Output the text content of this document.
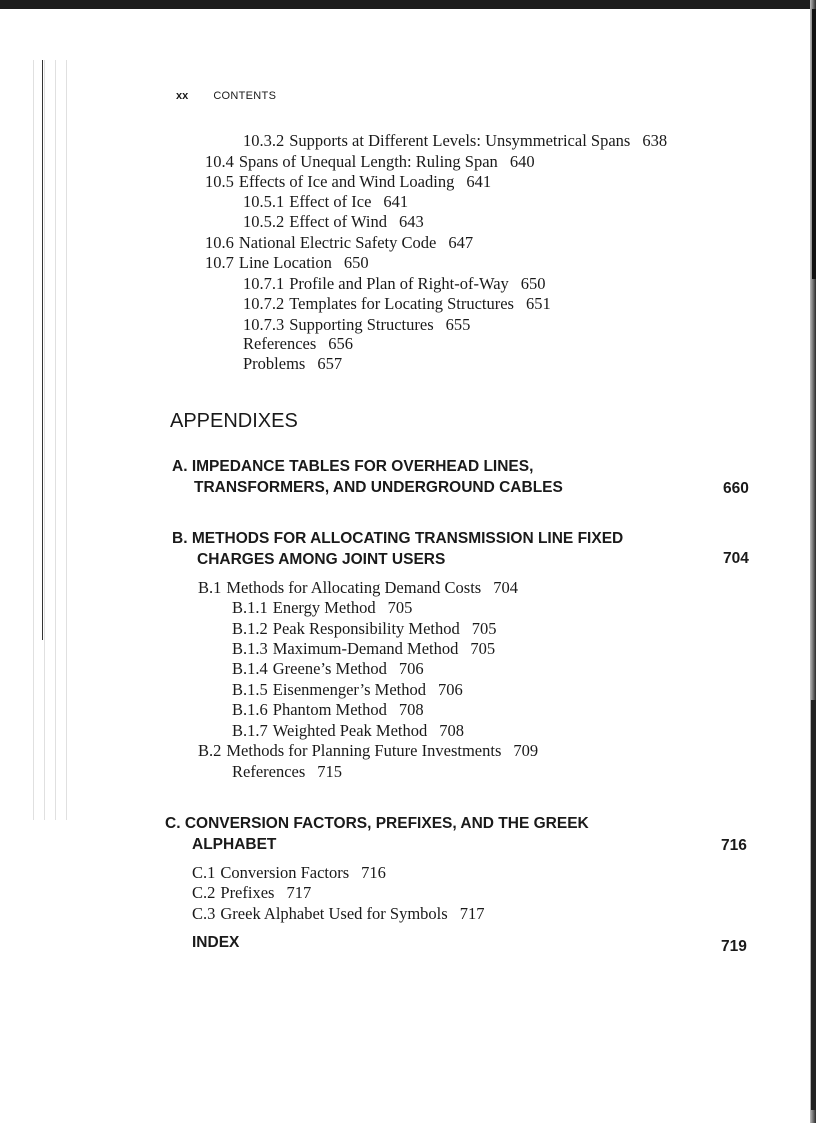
xx CONTENTS
10.3.2 Supports at Different Levels: Unsymmetrical Spans 638
10.4 Spans of Unequal Length: Ruling Span 640
10.5 Effects of Ice and Wind Loading 641
10.5.1 Effect of Ice 641
10.5.2 Effect of Wind 643
10.6 National Electric Safety Code 647
10.7 Line Location 650
10.7.1 Profile and Plan of Right-of-Way 650
10.7.2 Templates for Locating Structures 651
10.7.3 Supporting Structures 655
References 656
Problems 657
APPENDIXES
A. IMPEDANCE TABLES FOR OVERHEAD LINES,
TRANSFORMERS, AND UNDERGROUND CABLES	660
B. METHODS FOR ALLOCATING TRANSMISSION LINE FIXED
CHARGES AMONG JOINT USERS	704
B.1 Methods for Allocating Demand Costs 704
B.1.1 Energy Method 705
B.1.2 Peak Responsibility Method 705
B.1.3 Maximum-Demand Method 705
B.1.4 Greene’s Method 706
B.1.5 Eisenmenger’s Method 706
B.1.6 Phantom Method 708
B.1.7 Weighted Peak Method 708
B.2 Methods for Planning Future Investments 709
References 715
C. CONVERSION FACTORS, PREFIXES, AND THE GREEK
ALPHABET	716
C.1 Conversion Factors 716
C.2 Prefixes 717
C.3 Greek Alphabet Used for Symbols 717
INDEX	719
